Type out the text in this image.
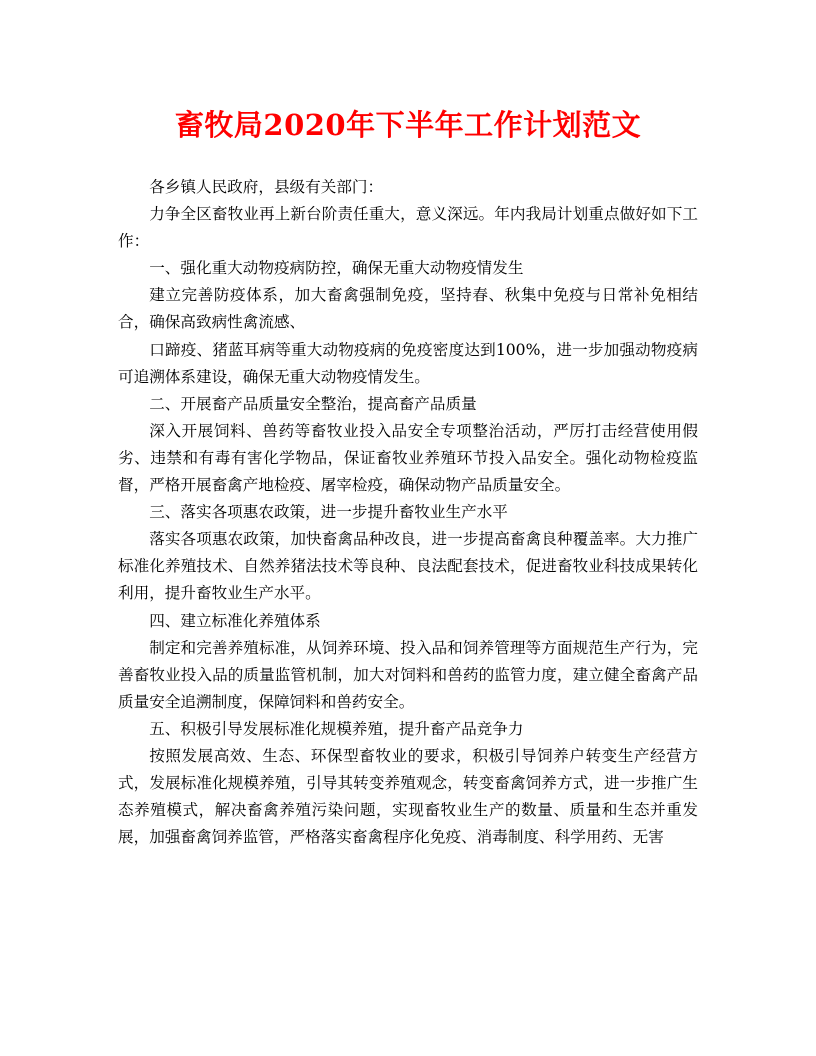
畜牧局2020年下半年工作计划范文

各乡镇人民政府，县级有关部门：

力争全区畜牧业再上新台阶责任重大，意义深远。年内我局计划重点做好如下工作：

一、强化重大动物疫病防控，确保无重大动物疫情发生

建立完善防疫体系，加大畜禽强制免疫，坚持春、秋集中免疫与日常补免相结合，确保高致病性禽流感、

口蹄疫、猪蓝耳病等重大动物疫病的免疫密度达到100%，进一步加强动物疫病可追溯体系建设，确保无重大动物疫情发生。

二、开展畜产品质量安全整治，提高畜产品质量

深入开展饲料、兽药等畜牧业投入品安全专项整治活动，严厉打击经营使用假劣、违禁和有毒有害化学物品，保证畜牧业养殖环节投入品安全。强化动物检疫监督，严格开展畜禽产地检疫、屠宰检疫，确保动物产品质量安全。

三、落实各项惠农政策，进一步提升畜牧业生产水平

落实各项惠农政策，加快畜禽品种改良，进一步提高畜禽良种覆盖率。大力推广标准化养殖技术、自然养猪法技术等良种、良法配套技术，促进畜牧业科技成果转化利用，提升畜牧业生产水平。

四、建立标准化养殖体系

制定和完善养殖标准，从饲养环境、投入品和饲养管理等方面规范生产行为，完善畜牧业投入品的质量监管机制，加大对饲料和兽药的监管力度，建立健全畜禽产品质量安全追溯制度，保障饲料和兽药安全。

五、积极引导发展标准化规模养殖，提升畜产品竞争力

按照发展高效、生态、环保型畜牧业的要求，积极引导饲养户转变生产经营方式，发展标准化规模养殖，引导其转变养殖观念，转变畜禽饲养方式，进一步推广生态养殖模式，解决畜禽养殖污染问题，实现畜牧业生产的数量、质量和生态并重发展，加强畜禽饲养监管，严格落实畜禽程序化免疫、消毒制度、科学用药、无害
